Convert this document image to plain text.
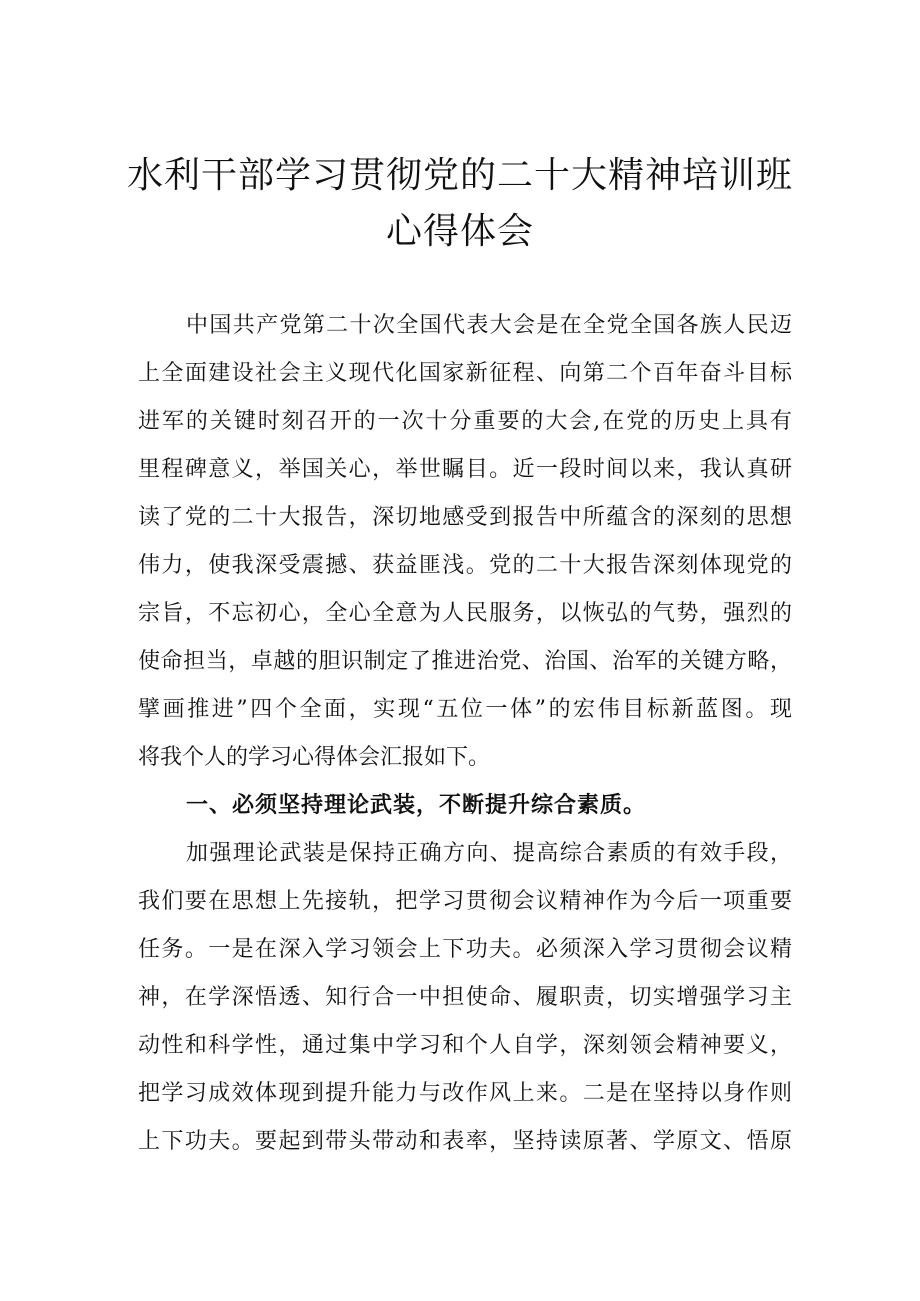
水利干部学习贯彻党的二十大精神培训班
心得体会
中国共产党第二十次全国代表大会是在全党全国各族人民迈
上全面建设社会主义现代化国家新征程、向第二个百年奋斗目标
进军的关键时刻召开的一次十分重要的大会,在党的历史上具有
里程碑意义，举国关心，举世瞩目。近一段时间以来，我认真研
读了党的二十大报告，深切地感受到报告中所蕴含的深刻的思想
伟力，使我深受震撼、获益匪浅。党的二十大报告深刻体现党的
宗旨，不忘初心，全心全意为人民服务，以恢弘的气势，强烈的
使命担当，卓越的胆识制定了推进治党、治国、治军的关键方略，
擘画推进”四个全面，实现“五位一体”的宏伟目标新蓝图。现
将我个人的学习心得体会汇报如下。
一、必须坚持理论武装，不断提升综合素质。
加强理论武装是保持正确方向、提高综合素质的有效手段，
我们要在思想上先接轨，把学习贯彻会议精神作为今后一项重要
任务。一是在深入学习领会上下功夫。必须深入学习贯彻会议精
神，在学深悟透、知行合一中担使命、履职责，切实增强学习主
动性和科学性，通过集中学习和个人自学，深刻领会精神要义，
把学习成效体现到提升能力与改作风上来。二是在坚持以身作则
上下功夫。要起到带头带动和表率，坚持读原著、学原文、悟原
